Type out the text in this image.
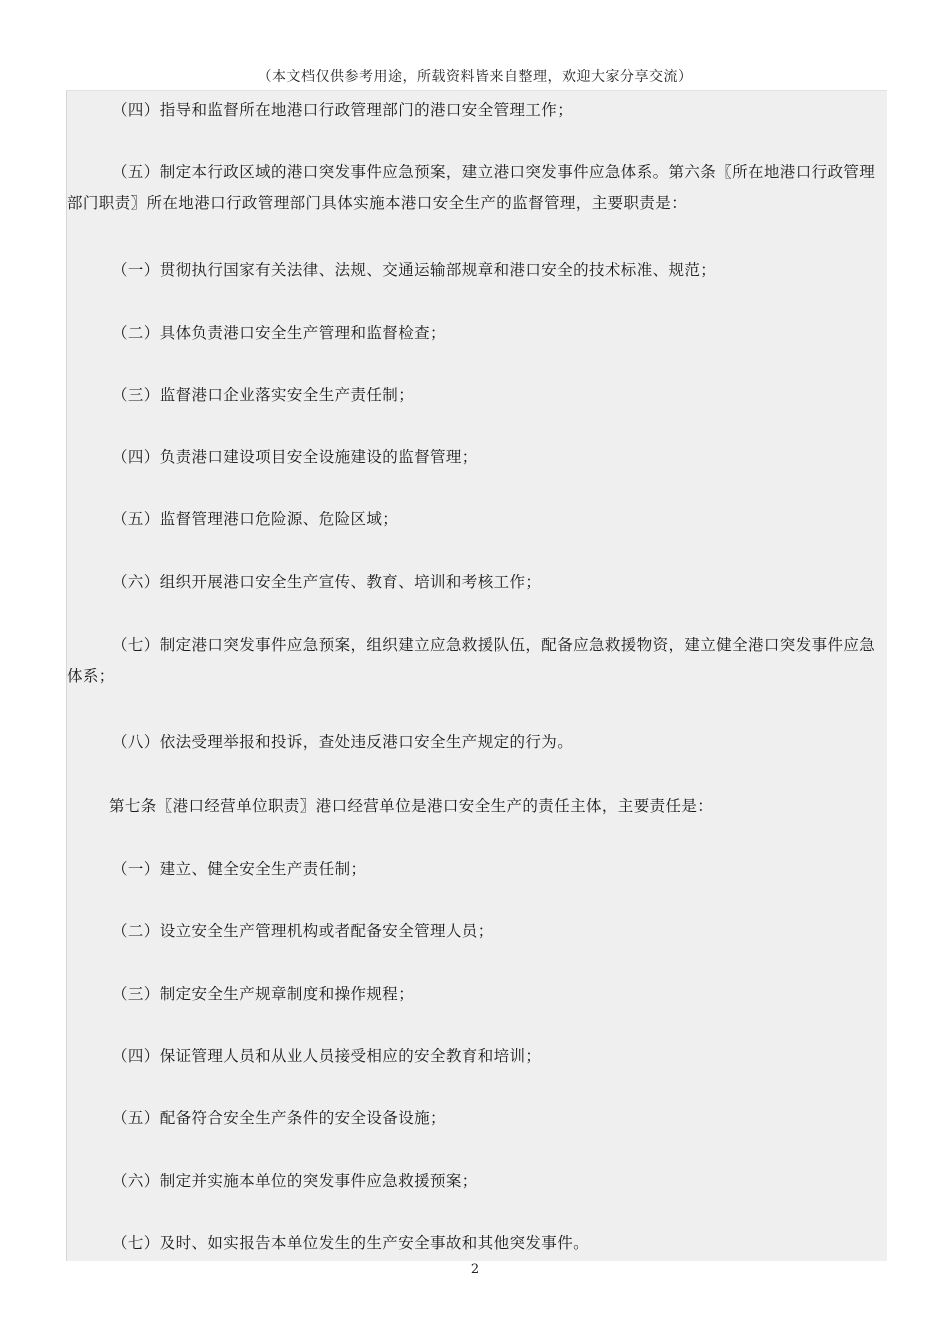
（本文档仅供参考用途，所载资料皆来自整理，欢迎大家分享交流）

（四）指导和监督所在地港口行政管理部门的港口安全管理工作；

（五）制定本行政区域的港口突发事件应急预案，建立港口突发事件应急体系。第六条〖所在地港口行政管理部门职责〗所在地港口行政管理部门具体实施本港口安全生产的监督管理，主要职责是：

（一）贯彻执行国家有关法律、法规、交通运输部规章和港口安全的技术标准、规范；

（二）具体负责港口安全生产管理和监督检查；

（三）监督港口企业落实安全生产责任制；

（四）负责港口建设项目安全设施建设的监督管理；

（五）监督管理港口危险源、危险区域；

（六）组织开展港口安全生产宣传、教育、培训和考核工作；

（七）制定港口突发事件应急预案，组织建立应急救援队伍，配备应急救援物资，建立健全港口突发事件应急体系；

（八）依法受理举报和投诉，查处违反港口安全生产规定的行为。

第七条〖港口经营单位职责〗港口经营单位是港口安全生产的责任主体，主要责任是：

（一）建立、健全安全生产责任制；

（二）设立安全生产管理机构或者配备安全管理人员；

（三）制定安全生产规章制度和操作规程；

（四）保证管理人员和从业人员接受相应的安全教育和培训；

（五）配备符合安全生产条件的安全设备设施；

（六）制定并实施本单位的突发事件应急救援预案；

（七）及时、如实报告本单位发生的生产安全事故和其他突发事件。

2
